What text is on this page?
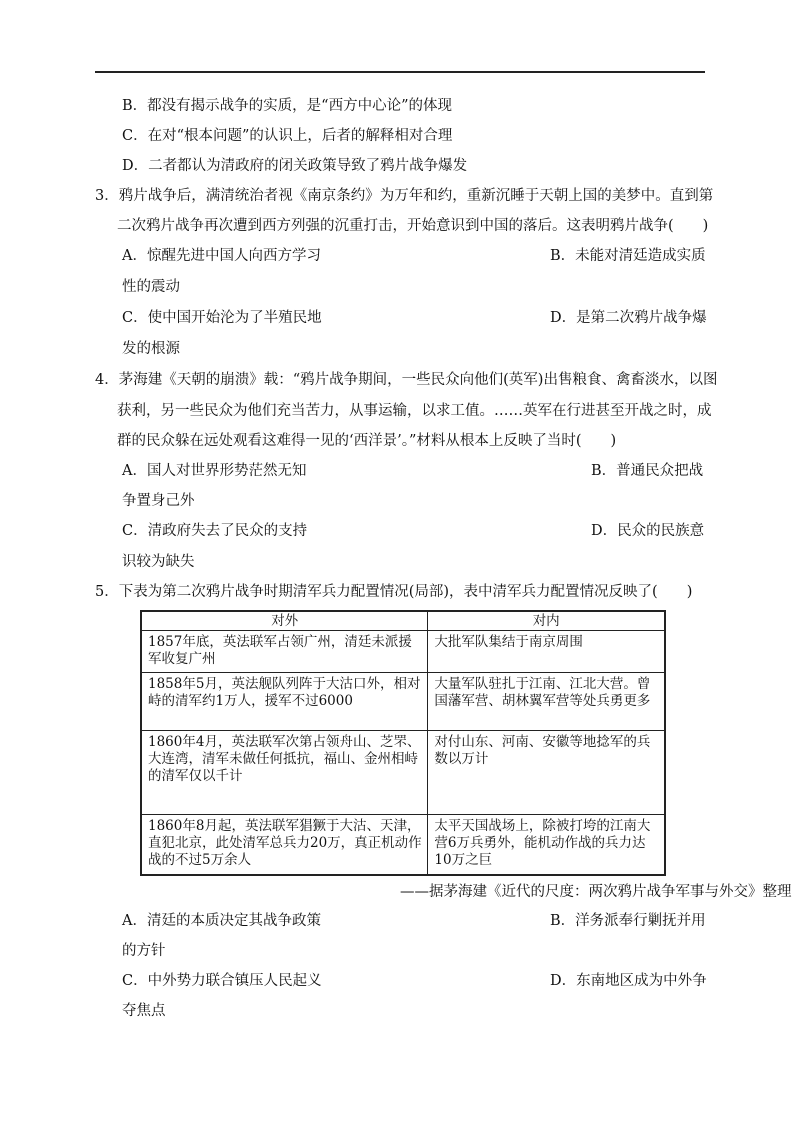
B．都没有揭示战争的实质，是“西方中心论”的体现
C．在对“根本问题”的认识上，后者的解释相对合理
D．二者都认为清政府的闭关政策导致了鸦片战争爆发
3．鸦片战争后，满清统治者视《南京条约》为万年和约，重新沉睡于天朝上国的美梦中。直到第
二次鸦片战争再次遭到西方列强的沉重打击，开始意识到中国的落后。这表明鸦片战争(　　)
A．惊醒先进中国人向西方学习	B．未能对清廷造成实质
性的震动
C．使中国开始沦为了半殖民地	D．是第二次鸦片战争爆
发的根源
4．茅海建《天朝的崩溃》载：“鸦片战争期间，一些民众向他们(英军)出售粮食、禽畜淡水，以图
获利，另一些民众为他们充当苦力，从事运输，以求工值。……英军在行进甚至开战之时，成
群的民众躲在远处观看这难得一见的‘西洋景’。”材料从根本上反映了当时(　　)
A．国人对世界形势茫然无知	B．普通民众把战
争置身己外
C．清政府失去了民众的支持	D．民众的民族意
识较为缺失
5．下表为第二次鸦片战争时期清军兵力配置情况(局部)，表中清军兵力配置情况反映了(　　)
对外	对内
1857年底，英法联军占领广州，清廷未派援军收复广州	大批军队集结于南京周围
1858年5月，英法舰队列阵于大沽口外，相对峙的清军约1万人，援军不过6000	大量军队驻扎于江南、江北大营。曾国藩军营、胡林翼军营等处兵勇更多

1860年4月，英法联军次第占领舟山、芝罘、
大连湾，清军未做任何抵抗，福山、金州相峙的清军仅以千计	对付山东、河南、安徽等地捻军的兵数以万计
1860年8月起，英法联军猖獗于大沽、天津，直犯北京，此处清军总兵力20万，真正机动作战的不过5万余人	太平天国战场上，除被打垮的江南大营6万兵勇外，能机动作战的兵力达10万之巨
——据茅海建《近代的尺度：两次鸦片战争军事与外交》整理
A．清廷的本质决定其战争政策	B．洋务派奉行剿抚并用
的方针
C．中外势力联合镇压人民起义	D．东南地区成为中外争
夺焦点
